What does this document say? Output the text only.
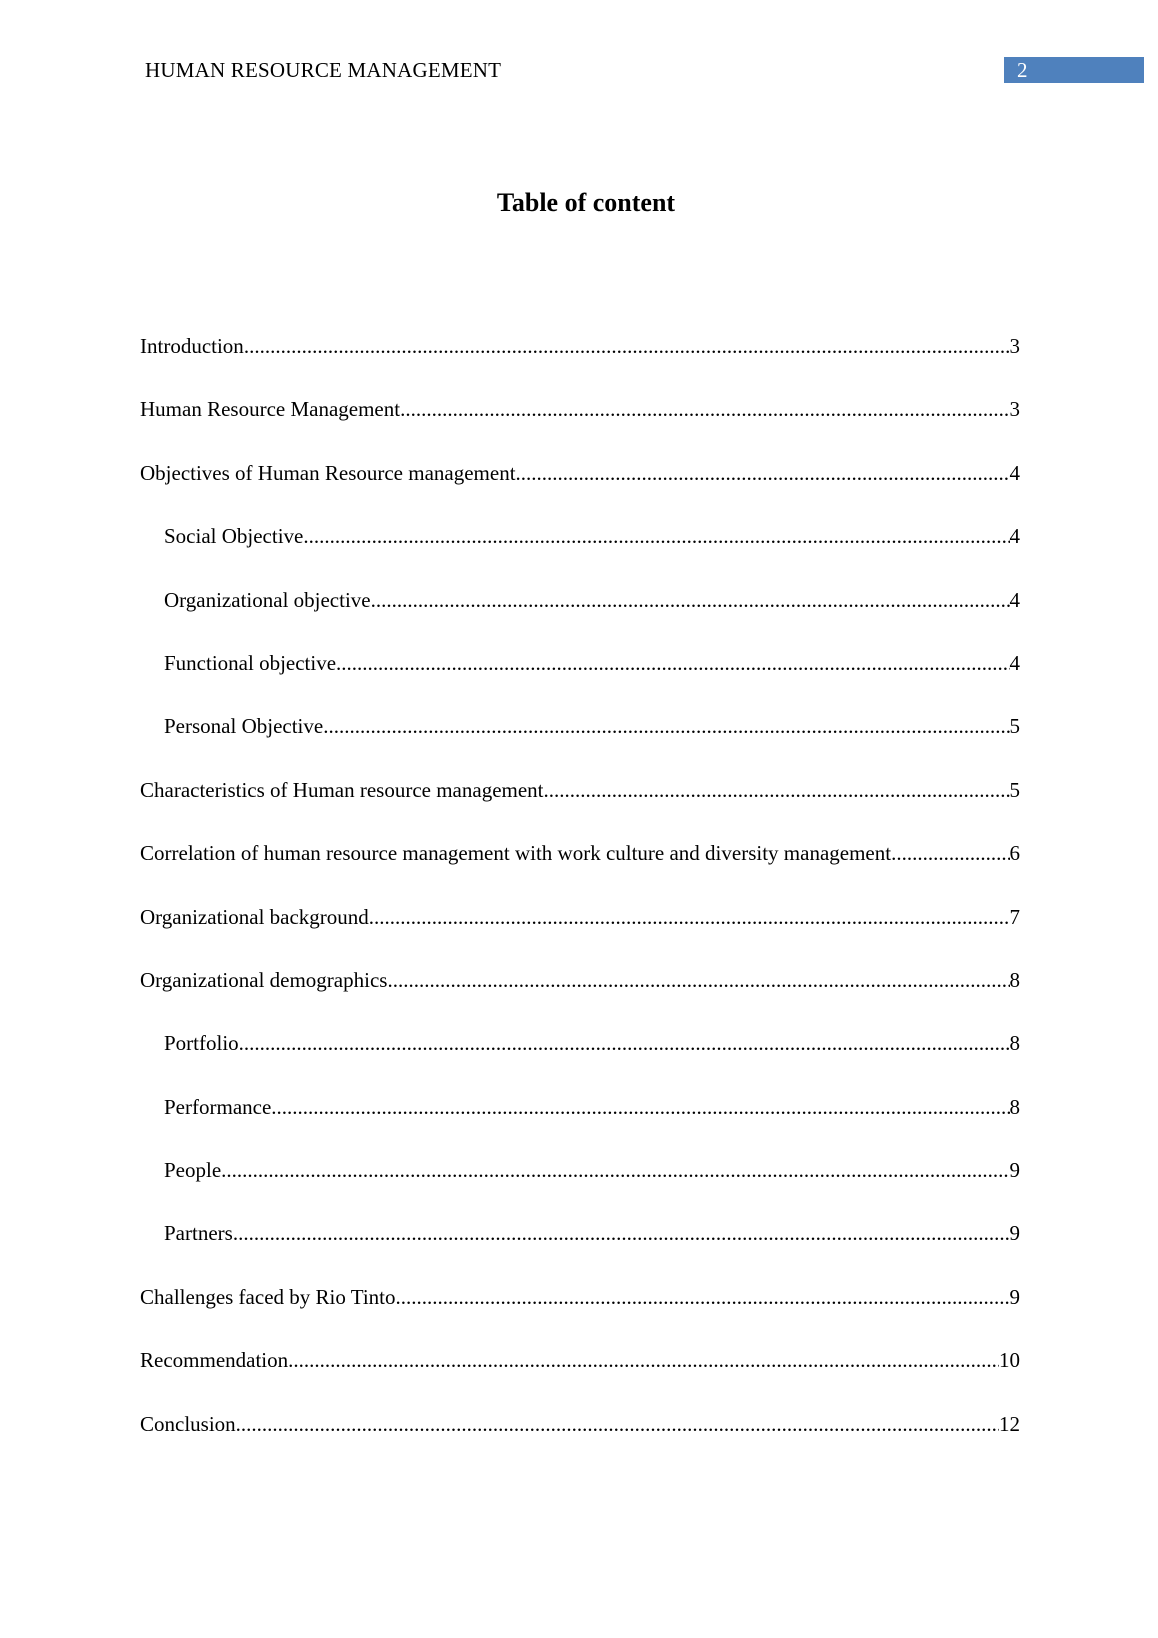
HUMAN RESOURCE MANAGEMENT	2
Table of content
Introduction .....	3
Human Resource Management .....	3
Objectives of Human Resource management .....	4
Social Objective .....	4
Organizational objective .....	4
Functional objective .....	4
Personal Objective .....	5
Characteristics of Human resource management .....	5
Correlation of human resource management with work culture and diversity management .....	6
Organizational background .....	7
Organizational demographics .....	8
Portfolio .....	8
Performance .....	8
People .....	9
Partners .....	9
Challenges faced by Rio Tinto .....	9
Recommendation .....	10
Conclusion .....	12
